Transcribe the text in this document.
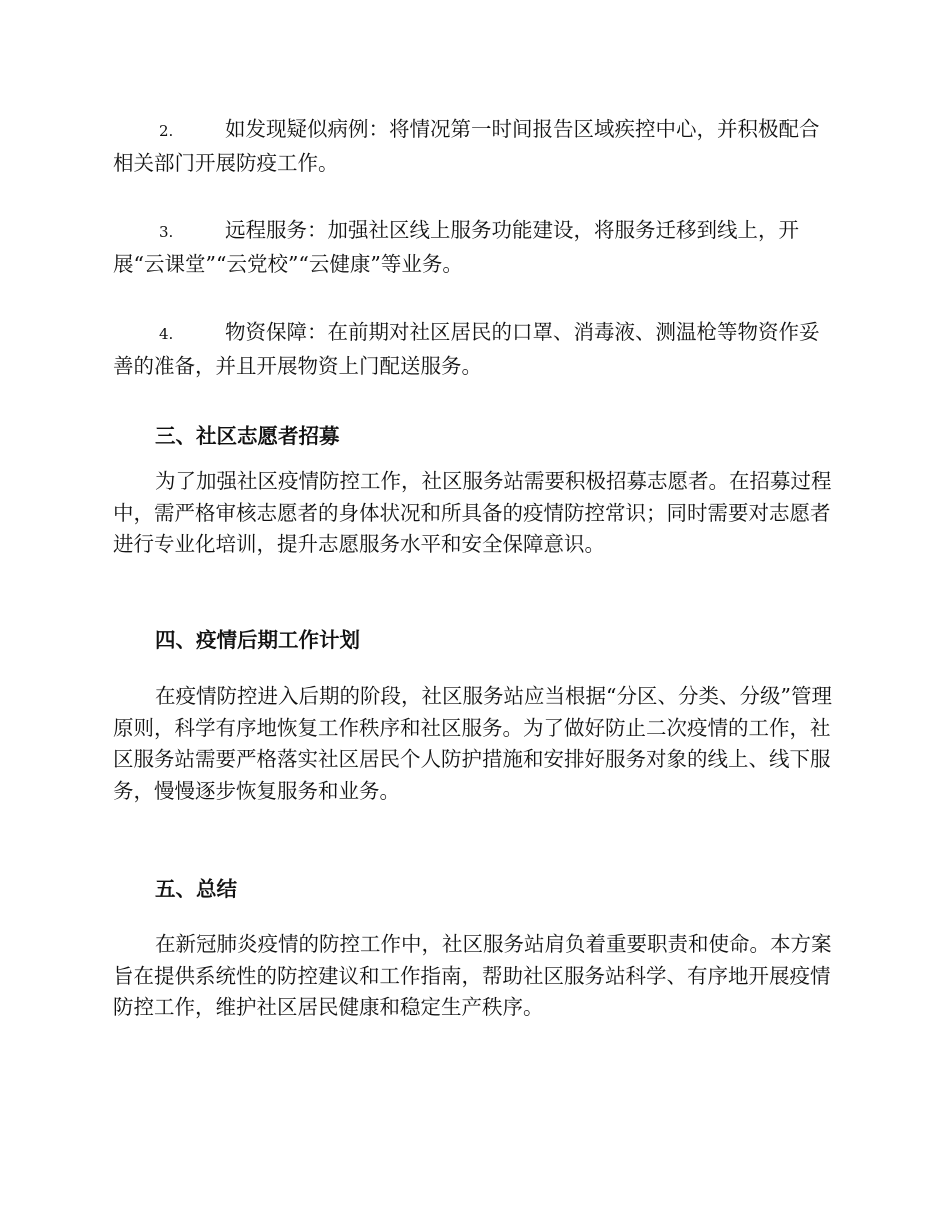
2.	如发现疑似病例：将情况第一时间报告区域疾控中心，并积极配合相关部门开展防疫工作。

3.	远程服务：加强社区线上服务功能建设，将服务迁移到线上，开展“云课堂”“云党校”“云健康”等业务。

4.	物资保障：在前期对社区居民的口罩、消毒液、测温枪等物资作妥善的准备，并且开展物资上门配送服务。

三、社区志愿者招募

为了加强社区疫情防控工作，社区服务站需要积极招募志愿者。在招募过程中，需严格审核志愿者的身体状况和所具备的疫情防控常识；同时需要对志愿者进行专业化培训，提升志愿服务水平和安全保障意识。

四、疫情后期工作计划

在疫情防控进入后期的阶段，社区服务站应当根据“分区、分类、分级”管理原则，科学有序地恢复工作秩序和社区服务。为了做好防止二次疫情的工作，社区服务站需要严格落实社区居民个人防护措施和安排好服务对象的线上、线下服务，慢慢逐步恢复服务和业务。

五、总结

在新冠肺炎疫情的防控工作中，社区服务站肩负着重要职责和使命。本方案旨在提供系统性的防控建议和工作指南，帮助社区服务站科学、有序地开展疫情防控工作，维护社区居民健康和稳定生产秩序。
